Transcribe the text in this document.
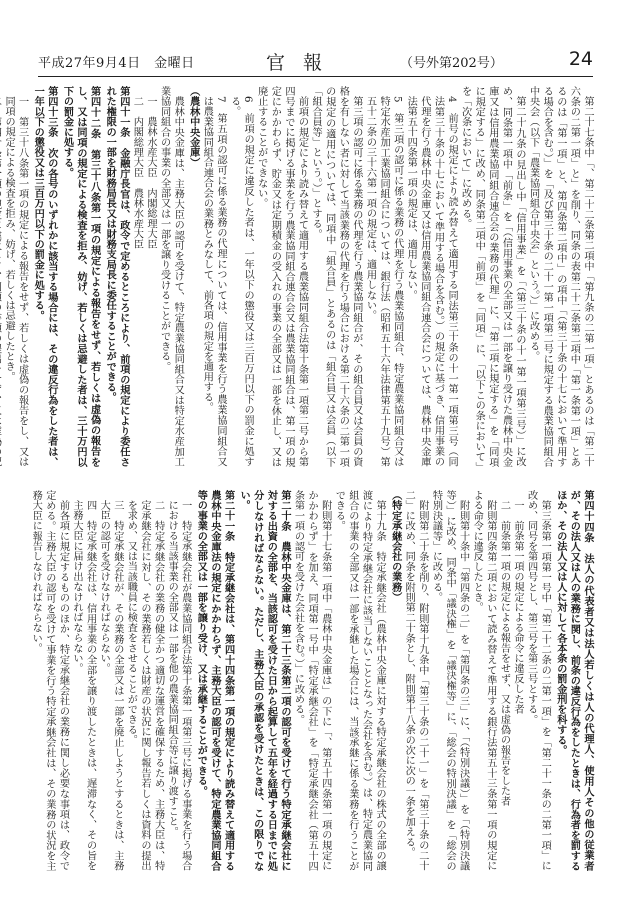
平成27年9月4日　金曜日	官報	（号外第202号）	24

第二十七条中「、第二十二条第二項中「第九条の二第一項」とあるのは「第二十六条の二第一項」と」を削り、同条の表第二十二条第二項中「第一条第一項」とあるのは「第一項」と、第四条第二項中」の項中「（第三十条の十七において準用する場合を含む。）」を「及び第三十条の二十一第一項第二号に規定する農業協同組合中央会（以下「農業協同組合中央会」という。）」に改める。

第二十九条の見出し中「信用事業」を「（第三十条の十一第一項第三号）」に改め、同条第一項中「前条」を「（信用事業の全部又は一部を譲り受けた農林中央金庫又は信用農業協同組合連合会の業務の代理」に、「第二項に規定する」を「同項に規定する」に改め、同条第二項中「前項」を「同項」に、「以下この条において」を「次条において」に改める。

4　前号の規定により読み替えて適用する同法第三十条の十一第一項第三号（同法第三十条の十七において準用する場合を含む。）の規定に基づき、信用事業の代理を行う農林中央金庫又は信用農業協同組合連合会については、農林中央金庫法第五十四条第一項の規定は、適用しない。

5　第三項の認可に係る業務の代理を行う農業協同組合、特定農業協同組合又は特定水産加工業協同組合については、銀行法（昭和五十六年法律第五十九号）第五十二条の三十六第一項の規定は、適用しない。

第三項の認可に係る業務の代理を行う農業協同組合が、その組合員又は会員の資格を有しない者に対して当該業務の代理を行う場合における第二十六条の二第一項の規定の適用については、同項中「組合員」とあるのは「組合員又は会員（以下「組合員等」という。）」とする。

前項の規定により読み替えて適用する農業協同組合法第十条第一項第二号から第四号までに掲げる事業を行う農業協同組合連合会又は農業協同組合は、第一項の規定にかかわらず、貯金又は定期積金の受入れの事業の全部又は一部を休止し、又は廃止することができない。

6　前項の規定に違反した者は、一年以下の懲役又は三百万円以下の罰金に処する。

7　第五項の認可に係る業務の代理については、信用事業を行う農業協同組合又は農業協同組合連合会の業務とみなして、前各項の規定を適用する。

（農林中央金庫）

農林中央金庫は、主務大臣の認可を受けて、特定農業協同組合又は特定水産加工業協同組合の事業の全部又は一部を譲り受けることができる。

一　農林水産大臣　内閣総理大臣

二　内閣総理大臣　農林水産大臣

第四十一条　金融庁長官は、政令で定めるところにより、前項の規定により委任された権限の一部を財務局長又は財務支局長に委任することができる。

第四十二条　第三十八条第一項の規定による報告をせず、若しくは虚偽の報告をし、又は同項の規定による検査を拒み、妨げ、若しくは忌避した者は、三十万円以下の罰金に処する。

第四十三条　次の各号のいずれかに該当する場合には、その違反行為をした者は、一年以下の懲役又は三百万円以下の罰金に処する。

一　第三十八条第一項の規定による報告をせず、若しくは虚偽の報告をし、又は同項の規定による検査を拒み、妨げ、若しくは忌避したとき。

第四十四条　法人の代表者又は法人若しくは人の代理人、使用人その他の従業者が、その法人又は人の業務に関し、前条の違反行為をしたときは、行為者を罰するほか、その法人又は人に対して各本条の罰金刑を科する。

第三条第一項第一号中「第二十二条の二第一項」を「第二十一条の二第一項」に改め、同号を第四号とし、第三号を第三号とする。

一　前条第一項の規定による命令に違反した者

二　前条第一項の規定による報告をせず、又は虚偽の報告をした者

附則第四条第二項において読み替えて準用する銀行法第五十三条第一項の規定による命令に違反したとき。

附則第十条中「第四条の二」を「第四条の三」に、「（特別決議）」を「（特別決議等）」に改め、同条中「議決権」を「議決権等」に、「総会の特別決議」を「総会の特別決議等」に改める。

附則第二十条を削り、附則第十九条中「第三十条の二十一」を「第三十条の二十二」に改め、同条を附則第二十条とし、附則第十八条の次に次の一条を加える。

（特定承継会社の業務）

第十九条　特定承継会社（農林中央金庫に対する特定承継会社の株式の全部の譲渡により特定承継会社に該当しないこととなった会社を含む。）は、特定農業協同組合の事業の全部又は一部を承継した場合には、当該承継に係る業務を行うことができる。

附則第十七条第一項中「農林中央金庫は」の下に「、第五十四条第一項の規定にかかわらず」を加え、同項第一号中「特定承継会社」を「特定承継会社（第五十四条第一項の認可を受けた会社を含む。）」に改める。

第二十条　農林中央金庫は、第二十三条第二項の認可を受けて行う特定承継会社に対する出資の全部を、当該認可を受けた日から起算して五年を経過する日までに処分しなければならない。ただし、主務大臣の承認を受けたときは、この限りでない。

第二十一条　特定承継会社は、第四十四条第一項の規定により読み替えて適用する農林中央金庫法の規定にかかわらず、主務大臣の認可を受けて、特定農業協同組合等の事業の全部又は一部を譲り受け、又は承継することができる。

一　特定承継会社が農業協同組合法第十条第一項第三号に掲げる事業を行う場合における当該事業の全部又は一部を他の農業協同組合等に譲り渡すこと。

二　特定承継会社の業務の健全かつ適切な運営を確保するため、主務大臣は、特定承継会社に対し、その業務若しくは財産の状況に関し報告若しくは資料の提出を求め、又は当該職員に検査をさせることができる。

三　特定承継会社が、その業務の全部又は一部を廃止しようとするときは、主務大臣の認可を受けなければならない。

四　特定承継会社は、信用事業の全部を譲り渡したときは、遅滞なく、その旨を主務大臣に届け出なければならない。

前各項に規定するもののほか、特定承継会社の業務に関し必要な事項は、政令で定める。主務大臣の認可を受けて事業を行う特定承継会社は、その業務の状況を主務大臣に報告しなければならない。
